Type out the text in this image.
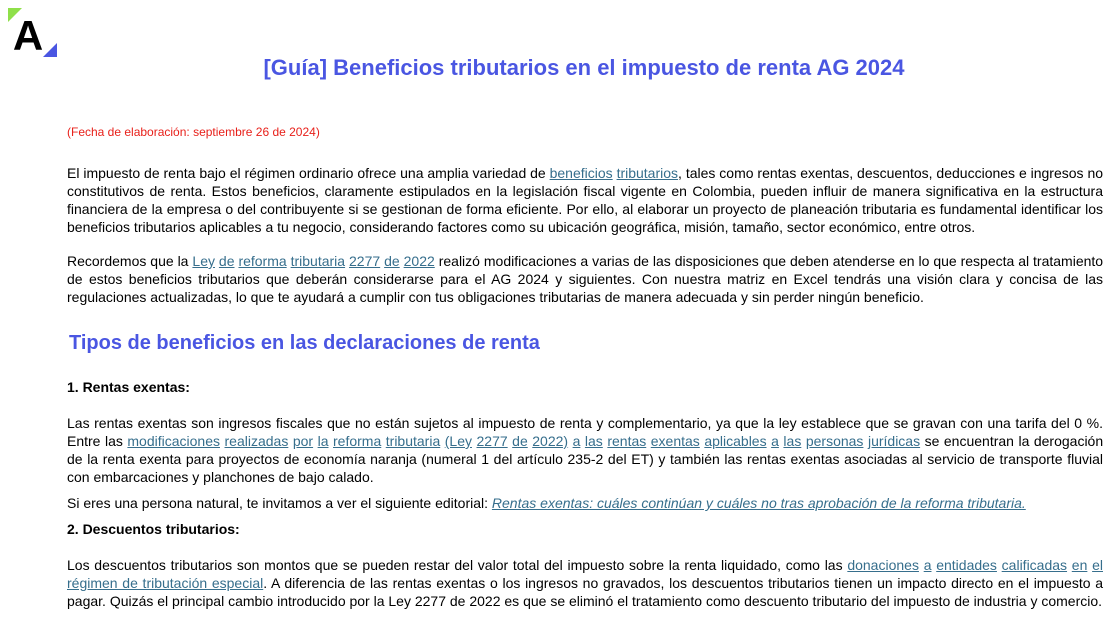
A
[Guía] Beneficios tributarios en el impuesto de renta AG 2024

(Fecha de elaboración: septiembre 26 de 2024)

El impuesto de renta bajo el régimen ordinario ofrece una amplia variedad de beneficios tributarios, tales como rentas exentas, descuentos, deducciones e ingresos no constitutivos de renta. Estos beneficios, claramente estipulados en la legislación fiscal vigente en Colombia, pueden influir de manera significativa en la estructura financiera de la empresa o del contribuyente si se gestionan de forma eficiente. Por ello, al elaborar un proyecto de planeación tributaria es fundamental identificar los beneficios tributarios aplicables a tu negocio, considerando factores como su ubicación geográfica, misión, tamaño, sector económico, entre otros.

Recordemos que la Ley de reforma tributaria 2277 de 2022 realizó modificaciones a varias de las disposiciones que deben atenderse en lo que respecta al tratamiento de estos beneficios tributarios que deberán considerarse para el AG 2024 y siguientes. Con nuestra matriz en Excel tendrás una visión clara y concisa de las regulaciones actualizadas, lo que te ayudará a cumplir con tus obligaciones tributarias de manera adecuada y sin perder ningún beneficio.

Tipos de beneficios en las declaraciones de renta
1. Rentas exentas:

Las rentas exentas son ingresos fiscales que no están sujetos al impuesto de renta y complementario, ya que la ley establece que se gravan con una tarifa del 0 %. Entre las modificaciones realizadas por la reforma tributaria (Ley 2277 de 2022) a las rentas exentas aplicables a las personas jurídicas se encuentran la derogación de la renta exenta para proyectos de economía naranja (numeral 1 del artículo 235-2 del ET) y también las rentas exentas asociadas al servicio de transporte fluvial con embarcaciones y planchones de bajo calado.

Si eres una persona natural, te invitamos a ver el siguiente editorial: Rentas exentas: cuáles continúan y cuáles no tras aprobación de la reforma tributaria.

2. Descuentos tributarios:

Los descuentos tributarios son montos que se pueden restar del valor total del impuesto sobre la renta liquidado, como las donaciones a entidades calificadas en el régimen de tributación especial. A diferencia de las rentas exentas o los ingresos no gravados, los descuentos tributarios tienen un impacto directo en el impuesto a pagar. Quizás el principal cambio introducido por la Ley 2277 de 2022 es que se eliminó el tratamiento como descuento tributario del impuesto de industria y comercio.
